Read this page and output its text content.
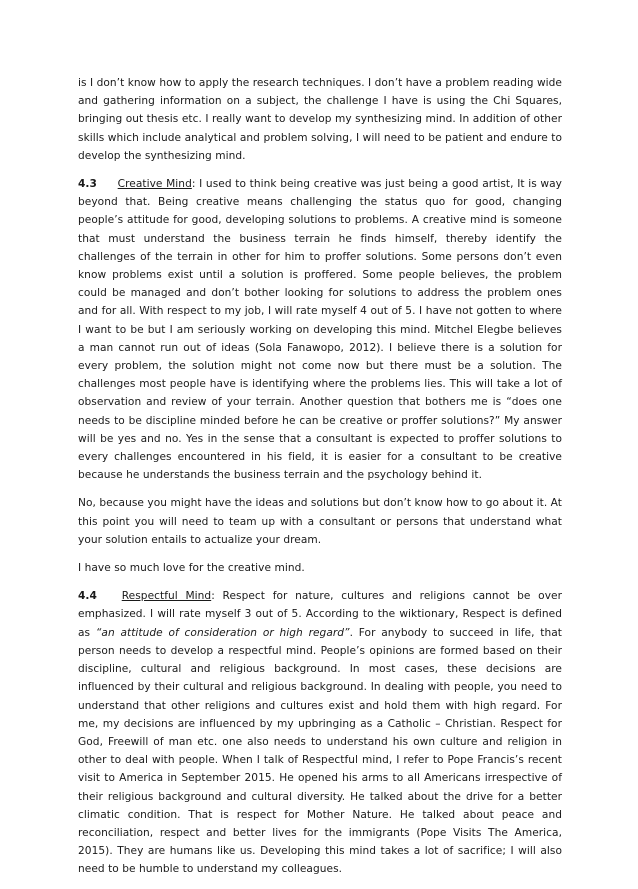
is I don’t know how to apply the research techniques. I don’t have a problem reading wide and gathering information on a subject, the challenge I have is using the Chi Squares, bringing out thesis etc. I really want to develop my synthesizing mind. In addition of other skills which include analytical and problem solving, I will need to be patient and endure to develop the synthesizing mind.

4.3 Creative Mind: I used to think being creative was just being a good artist, It is way beyond that. Being creative means challenging the status quo for good, changing people’s attitude for good, developing solutions to problems. A creative mind is someone that must understand the business terrain he finds himself, thereby identify the challenges of the terrain in other for him to proffer solutions. Some persons don’t even know problems exist until a solution is proffered. Some people believes, the problem could be managed and don’t bother looking for solutions to address the problem ones and for all. With respect to my job, I will rate myself 4 out of 5. I have not gotten to where I want to be but I am seriously working on developing this mind. Mitchel Elegbe believes a man cannot run out of ideas (Sola Fanawopo, 2012). I believe there is a solution for every problem, the solution might not come now but there must be a solution. The challenges most people have is identifying where the problems lies. This will take a lot of observation and review of your terrain. Another question that bothers me is “does one needs to be discipline minded before he can be creative or proffer solutions?” My answer will be yes and no. Yes in the sense that a consultant is expected to proffer solutions to every challenges encountered in his field, it is easier for a consultant to be creative because he understands the business terrain and the psychology behind it.

No, because you might have the ideas and solutions but don’t know how to go about it. At this point you will need to team up with a consultant or persons that understand what your solution entails to actualize your dream.

I have so much love for the creative mind.

4.4 Respectful Mind: Respect for nature, cultures and religions cannot be over emphasized. I will rate myself 3 out of 5. According to the wiktionary, Respect is defined as “an attitude of consideration or high regard”. For anybody to succeed in life, that person needs to develop a respectful mind. People’s opinions are formed based on their discipline, cultural and religious background. In most cases, these decisions are influenced by their cultural and religious background. In dealing with people, you need to understand that other religions and cultures exist and hold them with high regard. For me, my decisions are influenced by my upbringing as a Catholic – Christian. Respect for God, Freewill of man etc. one also needs to understand his own culture and religion in other to deal with people. When I talk of Respectful mind, I refer to Pope Francis’s recent visit to America in September 2015. He opened his arms to all Americans irrespective of their religious background and cultural diversity. He talked about the drive for a better climatic condition. That is respect for Mother Nature. He talked about peace and reconciliation, respect and better lives for the immigrants (Pope Visits The America, 2015). They are humans like us. Developing this mind takes a lot of sacrifice; I will also need to be humble to understand my colleagues.
